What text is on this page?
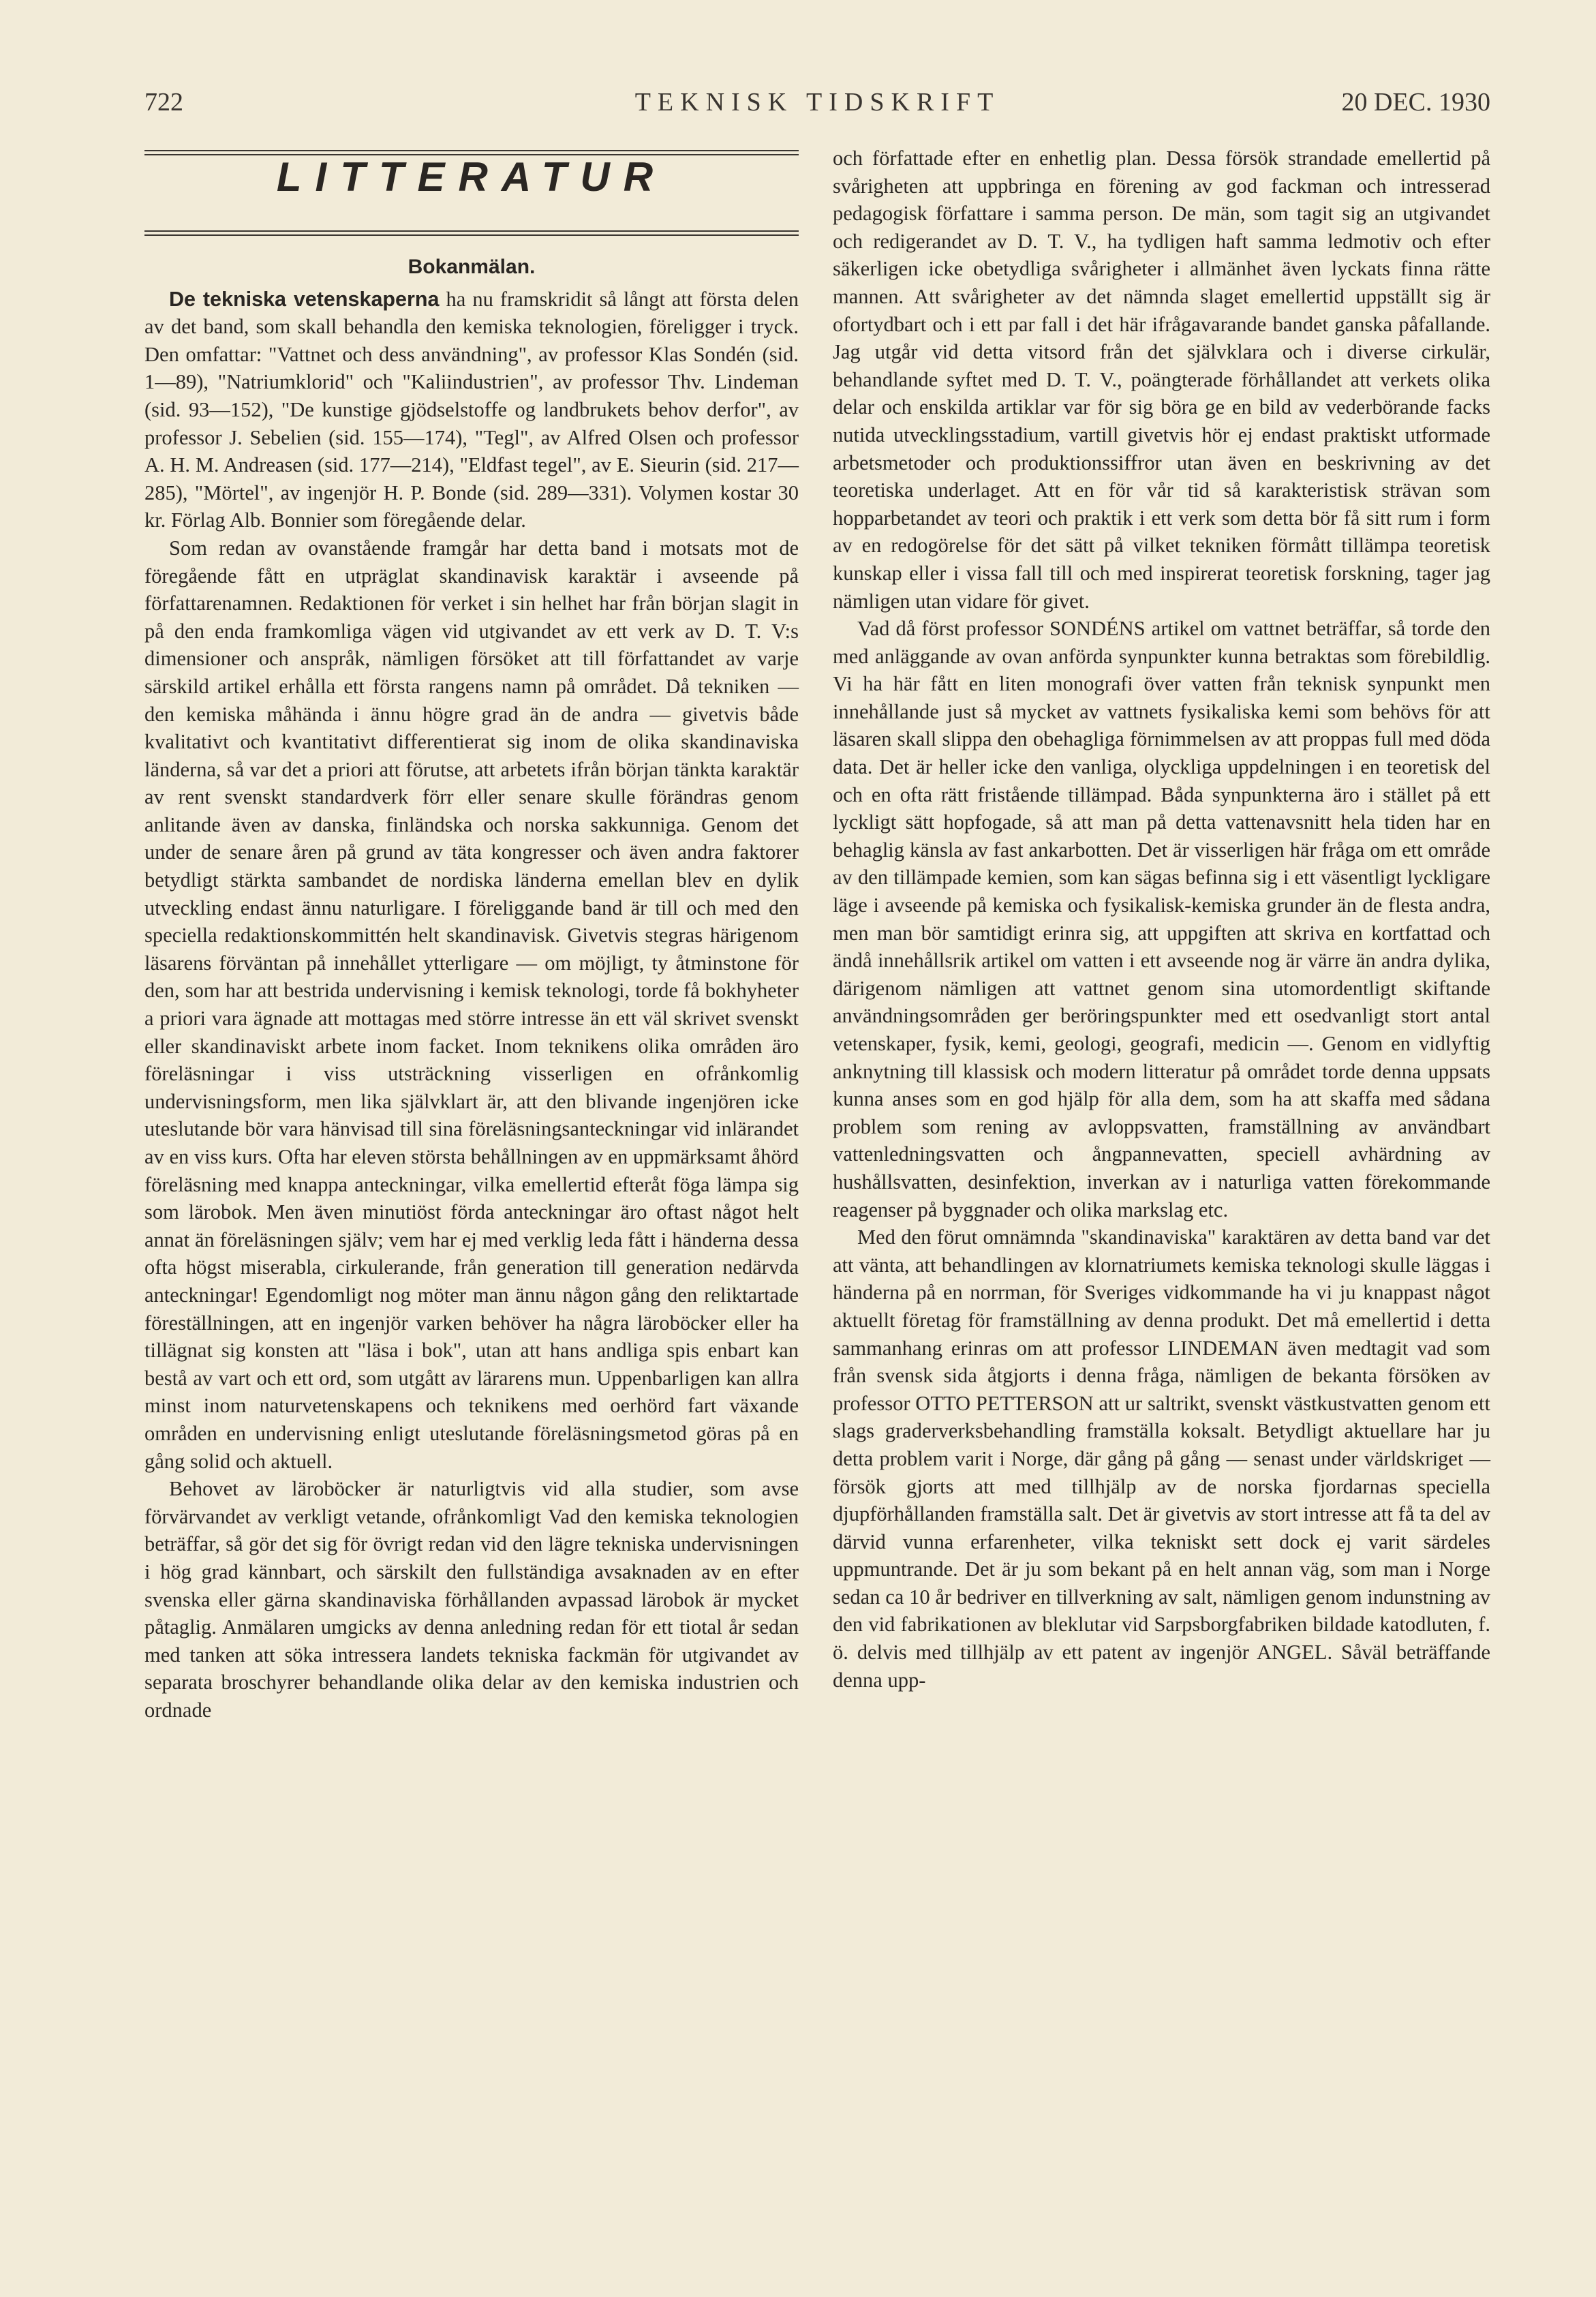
722	TEKNISK TIDSKRIFT	20 DEC. 1930
LITTERATUR
Bokanmälan.

De tekniska vetenskaperna ha nu framskridit så långt att första delen av det band, som skall behandla den kemiska teknologien, föreligger i tryck. Den omfattar: "Vattnet och dess användning", av professor Klas Sondén (sid. 1—89), "Natriumklorid" och "Kaliindustrien", av professor Thv. Lindeman (sid. 93—152), "De kunstige gjödselstoffe og landbrukets behov derfor", av professor J. Sebelien (sid. 155—174), "Tegl", av Alfred Olsen och professor A. H. M. Andreasen (sid. 177—214), "Eldfast tegel", av E. Sieurin (sid. 217—285), "Mörtel", av ingenjör H. P. Bonde (sid. 289—331). Volymen kostar 30 kr. Förlag Alb. Bonnier som föregående delar.

Som redan av ovanstående framgår har detta band i motsats mot de föregående fått en utpräglat skandinavisk karaktär i avseende på författarenamnen. Redaktionen för verket i sin helhet har från början slagit in på den enda framkomliga vägen vid utgivandet av ett verk av D. T. V:s dimensioner och anspråk, nämligen försöket att till författandet av varje särskild artikel erhålla ett första rangens namn på området. Då tekniken — den kemiska måhända i ännu högre grad än de andra — givetvis både kvalitativt och kvantitativt differentierat sig inom de olika skandinaviska länderna, så var det a priori att förutse, att arbetets ifrån början tänkta karaktär av rent svenskt standardverk förr eller senare skulle förändras genom anlitande även av danska, finländska och norska sakkunniga. Genom det under de senare åren på grund av täta kongresser och även andra faktorer betydligt stärkta sambandet de nordiska länderna emellan blev en dylik utveckling endast ännu naturligare. I föreliggande band är till och med den speciella redaktionskommittén helt skandinavisk. Givetvis stegras härigenom läsarens förväntan på innehållet ytterligare — om möjligt, ty åtminstone för den, som har att bestrida undervisning i kemisk teknologi, torde få bokhyheter a priori vara ägnade att mottagas med större intresse än ett väl skrivet svenskt eller skandinaviskt arbete inom facket. Inom teknikens olika områden äro föreläsningar i viss utsträckning visserligen en ofrånkomlig undervisningsform, men lika självklart är, att den blivande ingenjören icke uteslutande bör vara hänvisad till sina föreläsningsanteckningar vid inlärandet av en viss kurs. Ofta har eleven största behållningen av en uppmärksamt åhörd föreläsning med knappa anteckningar, vilka emellertid efteråt föga lämpa sig som lärobok. Men även minutiöst förda anteckningar äro oftast något helt annat än föreläsningen själv; vem har ej med verklig leda fått i händerna dessa ofta högst miserabla, cirkulerande, från generation till generation nedärvda anteckningar! Egendomligt nog möter man ännu någon gång den reliktartade föreställningen, att en ingenjör varken behöver ha några läroböcker eller ha tillägnat sig konsten att "läsa i bok", utan att hans andliga spis enbart kan bestå av vart och ett ord, som utgått av lärarens mun. Uppenbarligen kan allra minst inom naturvetenskapens och teknikens med oerhörd fart växande områden en undervisning enligt uteslutande föreläsningsmetod göras på en gång solid och aktuell.

Behovet av läroböcker är naturligtvis vid alla studier, som avse förvärvandet av verkligt vetande, ofrånkomligt Vad den kemiska teknologien beträffar, så gör det sig för övrigt redan vid den lägre tekniska undervisningen i hög grad kännbart, och särskilt den fullständiga avsaknaden av en efter svenska eller gärna skandinaviska förhållanden avpassad lärobok är mycket påtaglig. Anmälaren umgicks av denna anledning redan för ett tiotal år sedan med tanken att söka intressera landets tekniska fackmän för utgivandet av separata broschyrer behandlande olika delar av den kemiska industrien och ordnade

och författade efter en enhetlig plan. Dessa försök strandade emellertid på svårigheten att uppbringa en förening av god fackman och intresserad pedagogisk författare i samma person. De män, som tagit sig an utgivandet och redigerandet av D. T. V., ha tydligen haft samma ledmotiv och efter säkerligen icke obetydliga svårigheter i allmänhet även lyckats finna rätte mannen. Att svårigheter av det nämnda slaget emellertid uppställt sig är ofortydbart och i ett par fall i det här ifrågavarande bandet ganska påfallande. Jag utgår vid detta vitsord från det självklara och i diverse cirkulär, behandlande syftet med D. T. V., poängterade förhållandet att verkets olika delar och enskilda artiklar var för sig böra ge en bild av vederbörande facks nutida utvecklingsstadium, vartill givetvis hör ej endast praktiskt utformade arbetsmetoder och produktionssiffror utan även en beskrivning av det teoretiska underlaget. Att en för vår tid så karakteristisk strävan som hopparbetandet av teori och praktik i ett verk som detta bör få sitt rum i form av en redogörelse för det sätt på vilket tekniken förmått tillämpa teoretisk kunskap eller i vissa fall till och med inspirerat teoretisk forskning, tager jag nämligen utan vidare för givet.

Vad då först professor SONDÉNS artikel om vattnet beträffar, så torde den med anläggande av ovan anförda synpunkter kunna betraktas som förebildlig. Vi ha här fått en liten monografi över vatten från teknisk synpunkt men innehållande just så mycket av vattnets fysikaliska kemi som behövs för att läsaren skall slippa den obehagliga förnimmelsen av att proppas full med döda data. Det är heller icke den vanliga, olyckliga uppdelningen i en teoretisk del och en ofta rätt fristående tillämpad. Båda synpunkterna äro i stället på ett lyckligt sätt hopfogade, så att man på detta vattenavsnitt hela tiden har en behaglig känsla av fast ankarbotten. Det är visserligen här fråga om ett område av den tillämpade kemien, som kan sägas befinna sig i ett väsentligt lyckligare läge i avseende på kemiska och fysikalisk-kemiska grunder än de flesta andra, men man bör samtidigt erinra sig, att uppgiften att skriva en kortfattad och ändå innehållsrik artikel om vatten i ett avseende nog är värre än andra dylika, därigenom nämligen att vattnet genom sina utomordentligt skiftande användningsområden ger beröringspunkter med ett osedvanligt stort antal vetenskaper, fysik, kemi, geologi, geografi, medicin —. Genom en vidlyftig anknytning till klassisk och modern litteratur på området torde denna uppsats kunna anses som en god hjälp för alla dem, som ha att skaffa med sådana problem som rening av avloppsvatten, framställning av användbart vattenledningsvatten och ångpannevatten, speciell avhärdning av hushållsvatten, desinfektion, inverkan av i naturliga vatten förekommande reagenser på byggnader och olika markslag etc.

Med den förut omnämnda "skandinaviska" karaktären av detta band var det att vänta, att behandlingen av klornatriumets kemiska teknologi skulle läggas i händerna på en norrman, för Sveriges vidkommande ha vi ju knappast något aktuellt företag för framställning av denna produkt. Det må emellertid i detta sammanhang erinras om att professor LINDEMAN även medtagit vad som från svensk sida åtgjorts i denna fråga, nämligen de bekanta försöken av professor OTTO PETTERSON att ur saltrikt, svenskt västkustvatten genom ett slags graderverksbehandling framställa koksalt. Betydligt aktuellare har ju detta problem varit i Norge, där gång på gång — senast under världskriget — försök gjorts att med tillhjälp av de norska fjordarnas speciella djupförhållanden framställa salt. Det är givetvis av stort intresse att få ta del av därvid vunna erfarenheter, vilka tekniskt sett dock ej varit särdeles uppmuntrande. Det är ju som bekant på en helt annan väg, som man i Norge sedan ca 10 år bedriver en tillverkning av salt, nämligen genom indunstning av den vid fabrikationen av bleklutar vid Sarpsborgfabriken bildade katodluten, f. ö. delvis med tillhjälp av ett patent av ingenjör ANGEL. Såväl beträffande denna upp-
